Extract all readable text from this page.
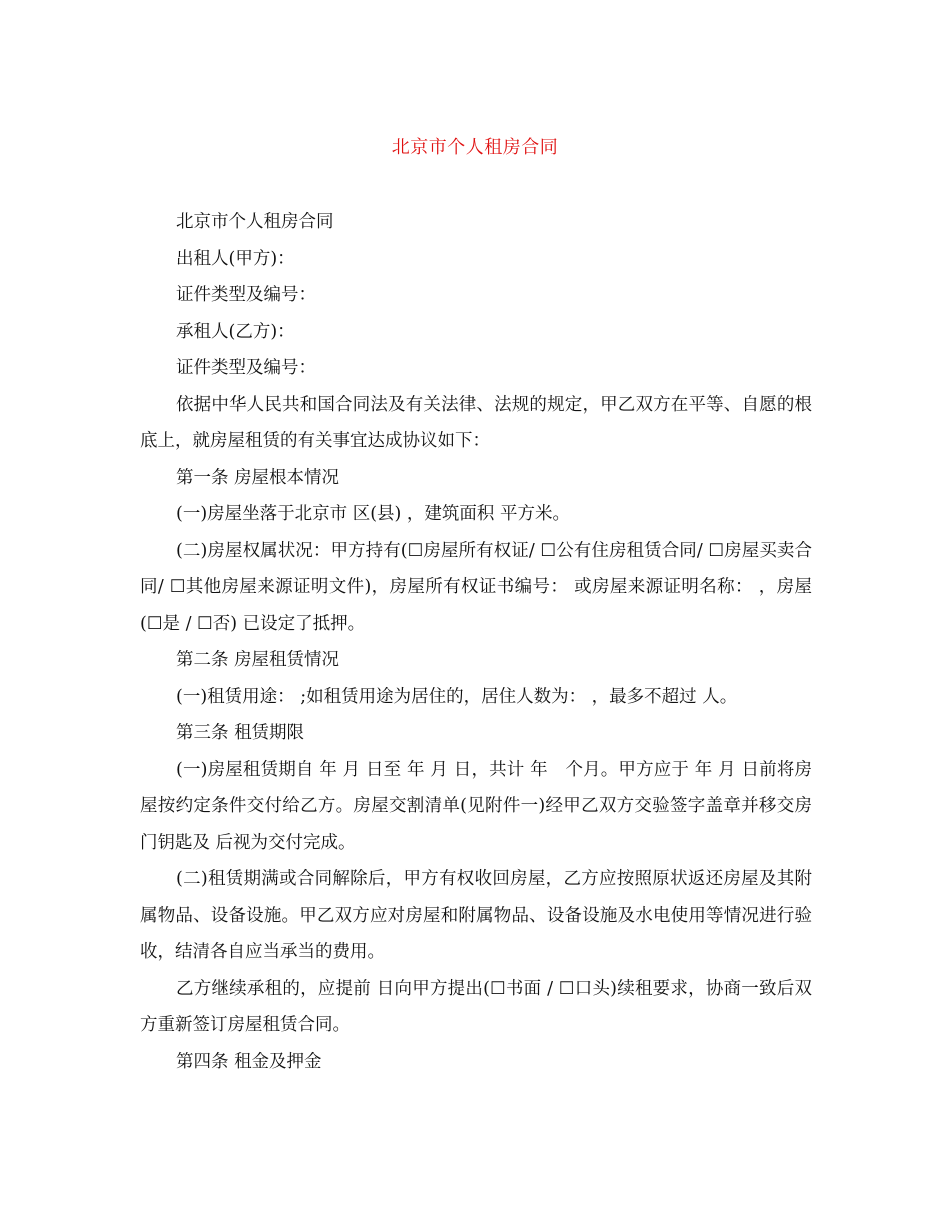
北京市个人租房合同

北京市个人租房合同

出租人(甲方)：

证件类型及编号：

承租人(乙方)：

证件类型及编号：

依据中华人民共和国合同法及有关法律、法规的规定，甲乙双方在平等、自愿的根底上，就房屋租赁的有关事宜达成协议如下：

第一条 房屋根本情况

(一)房屋坐落于北京市 区(县) ，建筑面积 平方米。

(二)房屋权属状况：甲方持有(☐房屋所有权证/ ☐公有住房租赁合同/ ☐房屋买卖合同/ ☐其他房屋来源证明文件)，房屋所有权证书编号： 或房屋来源证明名称： ，房屋(☐是 / ☐否) 已设定了抵押。

第二条 房屋租赁情况

(一)租赁用途： ;如租赁用途为居住的，居住人数为： ，最多不超过 人。

第三条 租赁期限

(一)房屋租赁期自 年 月 日至 年 月 日，共计 年　个月。甲方应于 年 月 日前将房屋按约定条件交付给乙方。房屋交割清单(见附件一)经甲乙双方交验签字盖章并移交房门钥匙及 后视为交付完成。

(二)租赁期满或合同解除后，甲方有权收回房屋，乙方应按照原状返还房屋及其附属物品、设备设施。甲乙双方应对房屋和附属物品、设备设施及水电使用等情况进行验收，结清各自应当承当的费用。

乙方继续承租的，应提前 日向甲方提出(☐书面 / ☐口头)续租要求，协商一致后双方重新签订房屋租赁合同。

第四条 租金及押金
